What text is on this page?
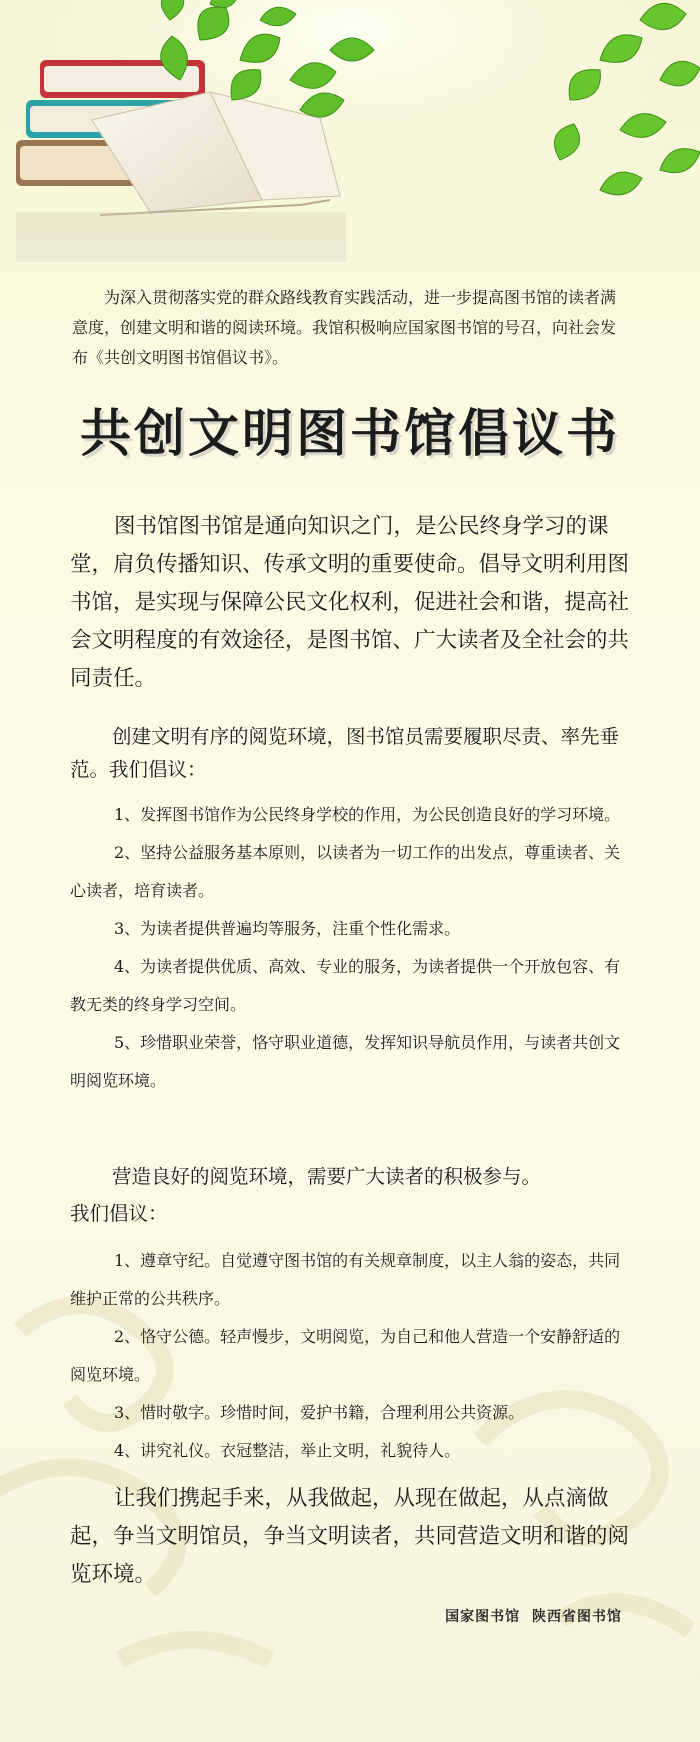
为深入贯彻落实党的群众路线教育实践活动，进一步提高图书馆的读者满意度，创建文明和谐的阅读环境。我馆积极响应国家图书馆的号召，向社会发布《共创文明图书馆倡议书》。

共创文明图书馆倡议书

图书馆图书馆是通向知识之门，是公民终身学习的课堂，肩负传播知识、传承文明的重要使命。倡导文明利用图书馆，是实现与保障公民文化权利，促进社会和谐，提高社会文明程度的有效途径，是图书馆、广大读者及全社会的共同责任。

创建文明有序的阅览环境，图书馆员需要履职尽责、率先垂范。我们倡议：

1、发挥图书馆作为公民终身学校的作用，为公民创造良好的学习环境。

2、坚持公益服务基本原则，以读者为一切工作的出发点，尊重读者、关心读者，培育读者。

3、为读者提供普遍均等服务，注重个性化需求。

4、为读者提供优质、高效、专业的服务，为读者提供一个开放包容、有教无类的终身学习空间。

5、珍惜职业荣誉，恪守职业道德，发挥知识导航员作用，与读者共创文明阅览环境。

营造良好的阅览环境，需要广大读者的积极参与。

我们倡议：

1、遵章守纪。自觉遵守图书馆的有关规章制度，以主人翁的姿态，共同维护正常的公共秩序。

2、恪守公德。轻声慢步，文明阅览，为自己和他人营造一个安静舒适的阅览环境。

3、惜时敬字。珍惜时间，爱护书籍，合理利用公共资源。

4、讲究礼仪。衣冠整洁，举止文明，礼貌待人。

让我们携起手来，从我做起，从现在做起，从点滴做起，争当文明馆员，争当文明读者，共同营造文明和谐的阅览环境。

国家图书馆 陕西省图书馆
